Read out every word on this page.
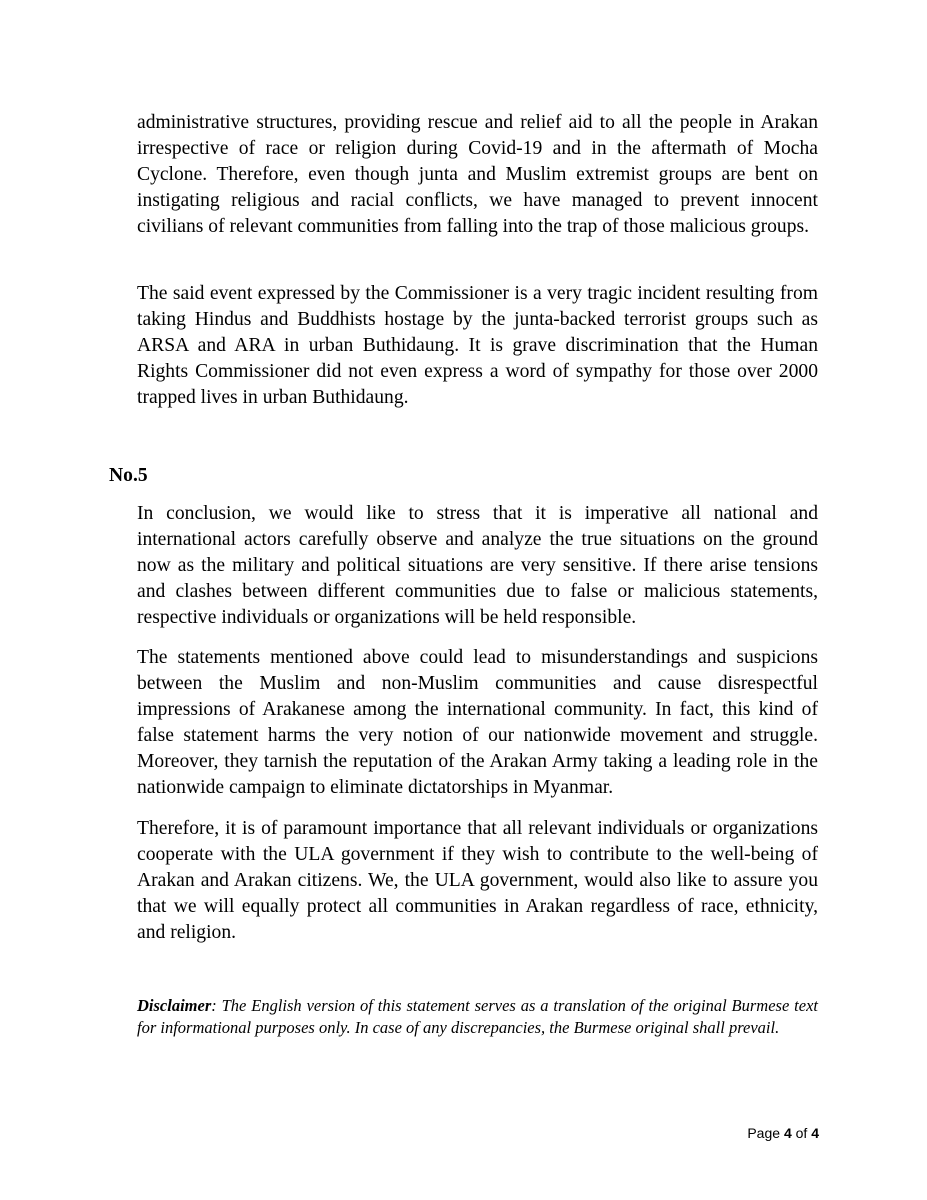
administrative structures, providing rescue and relief aid to all the people in Arakan irrespective of race or religion during Covid-19 and in the aftermath of Mocha Cyclone. Therefore, even though junta and Muslim extremist groups are bent on instigating religious and racial conflicts, we have managed to prevent innocent civilians of relevant communities from falling into the trap of those malicious groups.

The said event expressed by the Commissioner is a very tragic incident resulting from taking Hindus and Buddhists hostage by the junta-backed terrorist groups such as ARSA and ARA in urban Buthidaung. It is grave discrimination that the Human Rights Commissioner did not even express a word of sympathy for those over 2000 trapped lives in urban Buthidaung.

No.5

In conclusion, we would like to stress that it is imperative all national and international actors carefully observe and analyze the true situations on the ground now as the military and political situations are very sensitive. If there arise tensions and clashes between different communities due to false or malicious statements, respective individuals or organizations will be held responsible.

The statements mentioned above could lead to misunderstandings and suspicions between the Muslim and non-Muslim communities and cause disrespectful impressions of Arakanese among the international community. In fact, this kind of false statement harms the very notion of our nationwide movement and struggle. Moreover, they tarnish the reputation of the Arakan Army taking a leading role in the nationwide campaign to eliminate dictatorships in Myanmar.

Therefore, it is of paramount importance that all relevant individuals or organizations cooperate with the ULA government if they wish to contribute to the well-being of Arakan and Arakan citizens. We, the ULA government, would also like to assure you that we will equally protect all communities in Arakan regardless of race, ethnicity, and religion.

Disclaimer: The English version of this statement serves as a translation of the original Burmese text for informational purposes only. In case of any discrepancies, the Burmese original shall prevail.

Page 4 of 4
